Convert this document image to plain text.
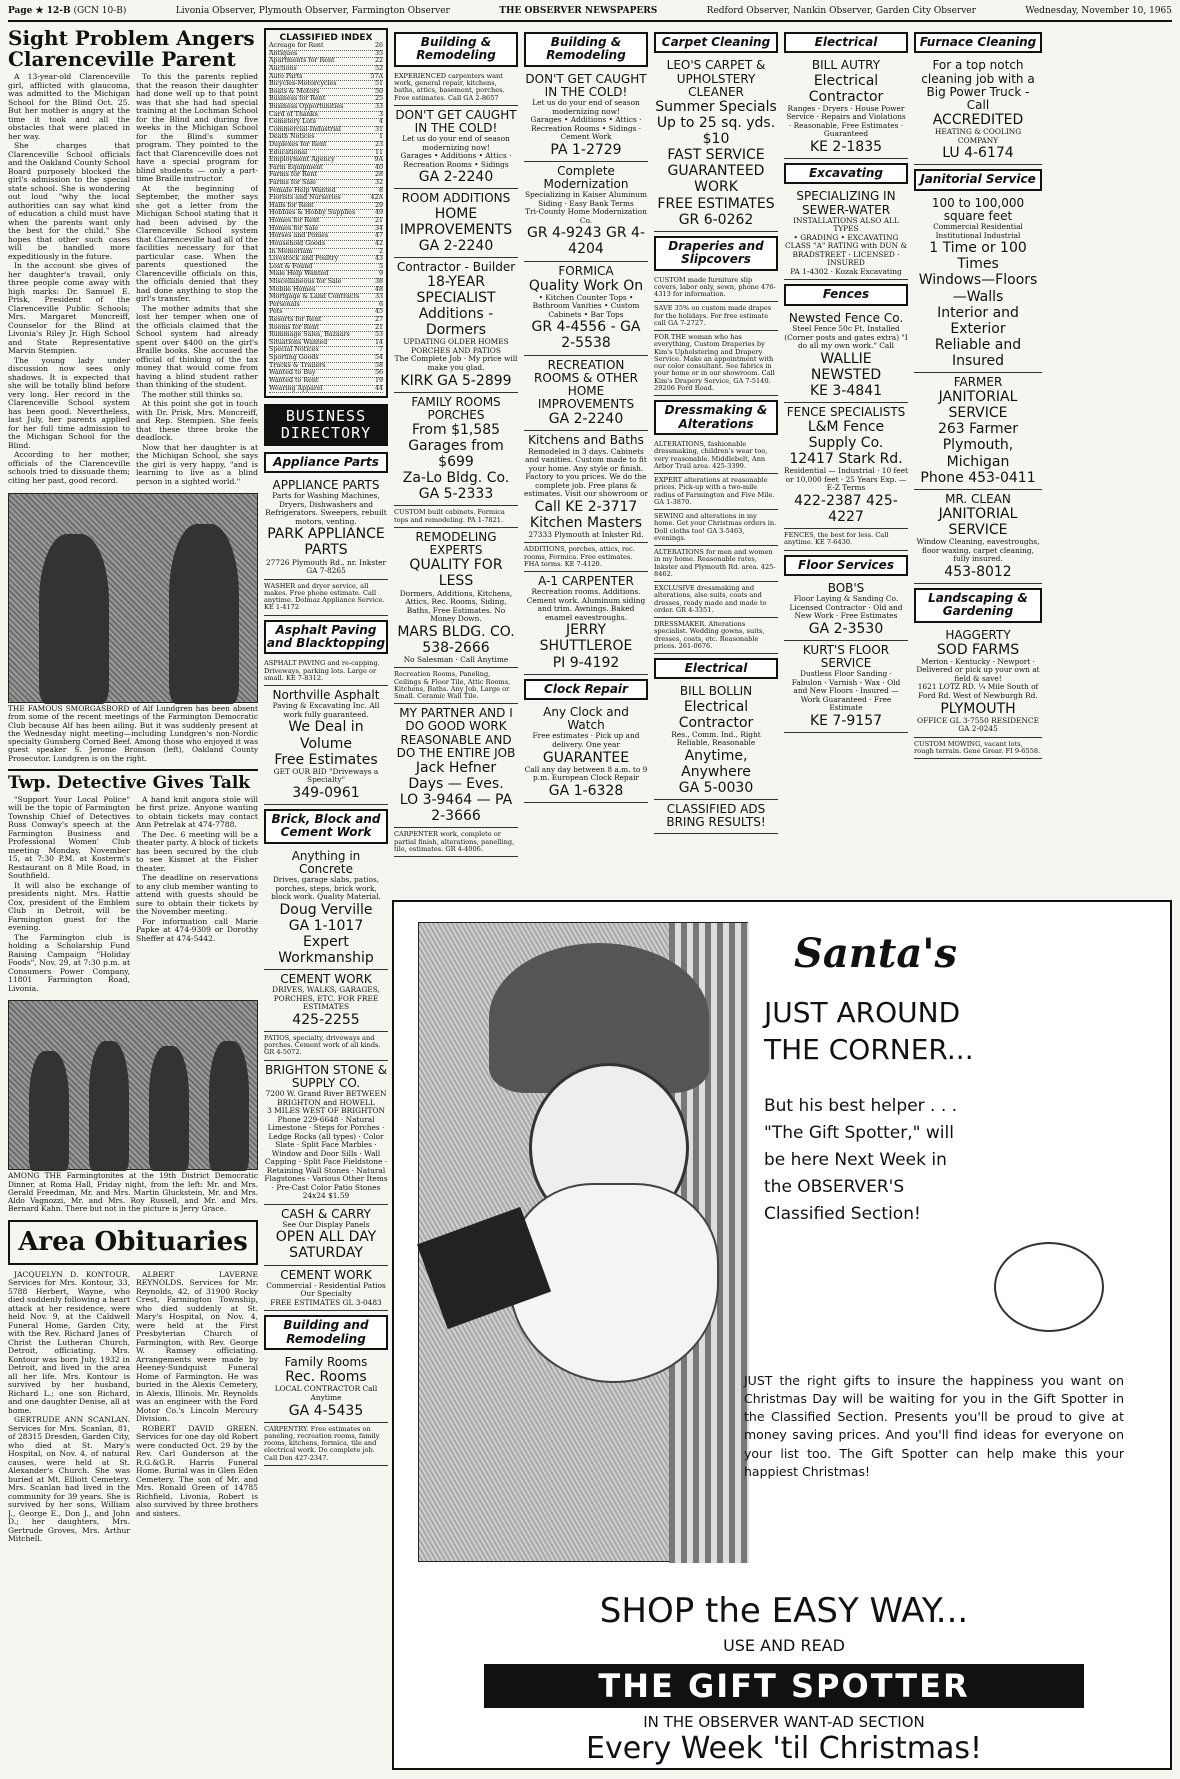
Page ★ 12-B (GCN 10-B)	Livonia Observer, Plymouth Observer, Farmington Observer	THE OBSERVER NEWSPAPERS	Redford Observer, Nankin Observer, Garden City Observer	Wednesday, November 10, 1965
Sight Problem Angers Clarenceville Parent

A 13-year-old Clarenceville girl, afflicted with glaucoma, was admitted to the Michigan School for the Blind Oct. 25. But her mother is angry at the time it took and all the obstacles that were placed in her way.

She charges that Clarenceville School officials and the Oakland County School Board purposely blocked the girl's admission to the special state school. She is wondering out loud "why the local authorities can say what kind of education a child must have when the parents want only the best for the child." She hopes that other such cases will be handled more expeditiously in the future.

In the account she gives of her daughter's travail, only three people come away with high marks: Dr. Samuel E. Prisk, President of the Clarenceville Public Schools; Mrs. Margaret Moncreiff, Counselor for the Blind at Livonia's Riley Jr. High School and State Representative Marvin Stempien.

The young lady under discussion now sees only shadows. It is expected that she will be totally blind before very long. Her record in the Clarenceville School system has been good. Nevertheless, last July, her parents applied for her full time admission to the Michigan School for the Blind.

According to her mother, officials of the Clarenceville schools tried to dissuade them; citing her past, good record.

To this the parents replied that the reason their daughter had done well up to that point was that she had had special training at the Lochman School for the Blind and during five weeks in the Michigan School for the Blind's summer program. They pointed to the fact that Clarenceville does not have a special program for blind students — only a part-time Braille instructor.

At the beginning of September, the mother says she got a letter from the Michigan School stating that it had been advised by the Clarenceville School system that Clarenceville had all of the facilities necessary for that particular case. When the parents questioned the Clarenceville officials on this, the officials denied that they had done anything to stop the girl's transfer.

The mother admits that she lost her temper when one of the officials claimed that the School system had already spent over $400 on the girl's Braille books. She accused the official of thinking of the tax money that would come from having a blind student rather than thinking of the student.

The mother still thinks so.

At this point she got in touch with Dr. Prisk, Mrs. Moncreiff, and Rep. Stempien. She feels that these three broke the deadlock.

Now that her daughter is at the Michigan School, she says the girl is very happy, "and is learning to live as a blind person in a sighted world."

THE FAMOUS SMORGASBORD of Alf Lundgren has been absent from some of the recent meetings of the Farmington Democratic Club because Alf has been ailing. But it was suddenly present at the Wednesday night meeting—including Lundgren's non-Nordic specialty Gunsberg Corned Beef. Among those who enjoyed it was guest speaker S. Jerome Bronson (left), Oakland County Prosecutor. Lundgren is on the right.
Twp. Detective Gives Talk

"Support Your Local Police" will be the topic of Farmington Township Chief of Detectives Russ Conway's speech at the Farmington Business and Professional Women' Club meeting Monday, November 15, at 7:30 P.M. at Kosterm's Restaurant on 8 Mile Road, in Southfield.

It will also be exchange of presidents night. Mrs. Hattie Cox, president of the Emblem Club in Detroit, will be Farmington guest for the evening.

The Farmington club is holding a Scholarship Fund Raising Campaign "Holiday Foods", Nov. 29, at 7:30 p.m. at Consumers Power Company, 11801 Farmington Road, Livonia.

A hand knit angora stole will be first prize. Anyone wanting to obtain tickets may contact Ann Petrelak at 474-7788.

The Dec. 6 meeting will be a theater party. A block of tickets has been secured by the club to see Kismet at the Fisher theater.

The deadline on reservations to any club member wanting to attend with guests should be sure to obtain their tickets by the November meeting.

For information call Marie Papke at 474-9309 or Dorothy Sheffer at 474-5442.

AMONG THE Farmingtonites at the 19th District Democratic Dinner, at Roma Hall, Friday night, from the left: Mr. and Mrs. Gerald Freedman, Mr. and Mrs. Martin Gluckstein, Mr. and Mrs. Aldo Vagnozzi, Mr. and Mrs. Roy Russell, and Mr. and Mrs. Bernard Kahn. There but not in the picture is Jerry Grace.
Area Obituaries

JACQUELYN D. KONTOUR. Services for Mrs. Kontour, 33, 5788 Herbert, Wayne, who died suddenly following a heart attack at her residence, were held Nov. 9, at the Caldwell Funeral Home, Garden City, with the Rev. Richard Janes of Christ the Lutheran Church, Detroit, officiating. Mrs. Kontour was born July, 1932 in Detroit, and lived in the area all her life. Mrs. Kontour is survived by her husband, Richard L.; one son Richard, and one daughter Denise, all at home.

GERTRUDE ANN SCANLAN. Services for Mrs. Scanlan, 81, of 28315 Dresden, Garden City, who died at St. Mary's Hospital, on Nov. 4, of natural causes, were held at St. Alexander's Church. She was buried at Mt. Elliott Cemetery. Mrs. Scanlan had lived in the community for 39 years. She is survived by her sons, William J., George E., Don J., and John D.; her daughters, Mrs. Gertrude Groves, Mrs. Arthur Mitchell.

ALBERT LAVERNE REYNOLDS. Services for Mr. Reynolds, 42, of 31900 Rocky Crest, Farmington Township, who died suddenly at St. Mary's Hospital, on Nov. 4, were held at the First Presbyterian Church of Farmington, with Rev. George W. Ramsey officiating. Arrangements were made by Heeney-Sundquist Funeral Home of Farmington. He was buried in the Alexis Cemetery, in Alexis, Illinois. Mr. Reynolds was an engineer with the Ford Motor Co.'s Lincoln Mercury Division.

ROBERT DAVID GREEN. Services for one day old Robert were conducted Oct. 29 by the Rev. Carl Gunderson at the R.G.&G.R. Harris Funeral Home. Burial was in Glen Eden Cemetery. The son of Mr. and Mrs. Ronald Green of 14785 Richfield, Livonia, Robert is also survived by three brothers and sisters.

CLASSIFIED INDEX
Acreage for Rent	26
Antiques	35
Apartments for Rent	22
Auctions	52
Auto Parts	57A
Bicycles-Motorcycles	51
Boats & Motors	50
Business for Rent	25
Business Opportunities	33
Card of Thanks	3
Cemetery Lots	4
Commercial-Industrial	31
Death Notices	1
Duplexes for Rent	23
Educational	11
Employment Agency	9A
Farm Equipment	40
Farms for Rent	28
Farms for Sale	32
Female Help Wanted	8
Florists and Nurseries	42A
Halls for Rent	29
Hobbies & Hobby Supplies	49
Homes for Rent	21
Homes for Sale	34
Horses and Ponies	47
Household Goods	42
In Memoriam	2
Livestock and Poultry	43
Lost & Found	5
Male Help Wanted	9
Miscellaneous for Sale	38
Mobile Homes	48
Mortgage & Land Contracts	33
Personals	6
Pets	45
Resorts for Rent	27
Rooms for Rent	21
Rummage Sales, Bazaars	53
Situations Wanted	14
Special Notices	7
Sporting Goods	54
Trucks & Trailers	58
Wanted to Buy	56
Wanted to Rent	19
Wearing Apparel	44
BUSINESS DIRECTORY
Appliance Parts
APPLIANCE PARTS
Parts for Washing Machines, Dryers, Dishwashers and Refrigerators. Sweepers, rebuilt motors, venting.
PARK APPLIANCE PARTS
27726 Plymouth Rd., nr. Inkster GA 7-8265
WASHER and dryer service, all makes. Free phone estimate. Call anytime. Dolmaz Appliance Service. KE 1-4172
Asphalt Paving and Blacktopping
ASPHALT PAVING and re-capping. Driveways, parking lots. Large or small. KE 7-8312.
Northville Asphalt
Paving & Excavating Inc. All work fully guaranteed.
We Deal in Volume
Free Estimates
GET OUR BID "Driveways a Specialty"
349-0961
Brick, Block and Cement Work
Anything in Concrete
Drives, garage slabs, patios, porches, steps, brick work, block work. Quality Material.
Doug Verville
GA 1-1017
Expert Workmanship
CEMENT WORK
DRIVES, WALKS, GARAGES, PORCHES, ETC. FOR FREE ESTIMATES
425-2255
PATIOS, specialty, driveways and porches. Cement work of all kinds. GR 4-5072.
BRIGHTON STONE & SUPPLY CO.
7200 W. Grand River BETWEEN BRIGHTON and HOWELL
3 MILES WEST OF BRIGHTON
Phone 229-6648 · Natural Limestone · Steps for Porches · Ledge Rocks (all types) · Color Slate · Split Face Marbles · Window and Door Sills · Wall Capping · Split Face Fieldstone · Retaining Wall Stones · Natural Flagstones · Various Other Items · Pre-Cast Color Patio Stones 24x24 $1.59
CASH & CARRY
See Our Display Panels
OPEN ALL DAY SATURDAY
CEMENT WORK
Commercial - Residential Patios Our Specialty
FREE ESTIMATES GL 3-0483
Building and Remodeling
Family Rooms
Rec. Rooms
LOCAL CONTRACTOR Call Anytime
GA 4-5435
CARPENTRY. Free estimates on paneling, recreation rooms, family rooms, kitchens, formica, tile and electrical work. Do complete job. Call Don 427-2347.
Building & Remodeling
EXPERIENCED carpenters want work, general repair, kitchens, baths, attics, basement, porches. Free estimates. Call GA 2-8657
DON'T GET CAUGHT IN THE COLD!
Let us do your end of season modernizing now!
Garages • Additions • Attics · Recreation Rooms • Sidings
GA 2-2240
ROOM ADDITIONS
HOME IMPROVEMENTS
GA 2-2240
Contractor - Builder
18-YEAR SPECIALIST
Additions - Dormers
UPDATING OLDER HOMES PORCHES AND PATIOS
The Complete Job · My price will make you glad.
KIRK GA 5-2899
FAMILY ROOMS PORCHES
From $1,585
Garages from $699
Za-Lo Bldg. Co.
GA 5-2333
CUSTOM built cabinets. Formica tops and remodeling. PA 1-7821.
REMODELING EXPERTS
QUALITY FOR LESS
Dormers, Additions, Kitchens, Attics, Rec. Rooms, Siding, Baths, Free Estimates. No Money Down.
MARS BLDG. CO.
538-2666
No Salesman · Call Anytime
Recreation Rooms, Paneling, Ceilings & Floor Tile, Attic Rooms, Kitchens, Baths. Any Job, Large or Small. Ceramic Wall Tile.
MY PARTNER AND I DO GOOD WORK REASONABLE AND DO THE ENTIRE JOB
Jack Hefner
Days — Eves.
LO 3-9464 — PA 2-3666
CARPENTER work, complete or partial finish, alterations, panelling, tile, estimates. GR 4-4006.
Building & Remodeling
DON'T GET CAUGHT IN THE COLD!
Let us do your end of season modernizing now!
Garages • Additions • Attics · Recreation Rooms • Sidings · Cement Work
PA 1-2729
Complete Modernization
Specializing in Kaiser Aluminum Siding · Easy Bank Terms
Tri-County Home Modernization Co.
GR 4-9243 GR 4-4204
FORMICA
Quality Work On
• Kitchen Counter Tops • Bathroom Vanities • Custom Cabinets • Bar Tops
GR 4-4556 - GA 2-5538
RECREATION ROOMS & OTHER HOME IMPROVEMENTS
GA 2-2240
Kitchens and Baths
Remodeled in 3 days. Cabinets and vanities. Custom made to fit your home. Any style or finish. Factory to you prices. We do the complete job. Free plans & estimates. Visit our showroom or
Call KE 2-3717
Kitchen Masters
27333 Plymouth at Inkster Rd.
ADDITIONS, porches, attics, rec. rooms, Formica. Free estimates. FHA terms. KE 7-4120.
A-1 CARPENTER
Recreation rooms. Additions. Cement work. Aluminum siding and trim. Awnings. Baked enamel eavestroughs.
JERRY SHUTTLEROE
PI 9-4192
Clock Repair
Any Clock and Watch
Free estimates · Pick up and delivery. One year
GUARANTEE
Call any day between 8 a.m. to 9 p.m. European Clock Repair
GA 1-6328
Carpet Cleaning
LEO'S CARPET & UPHOLSTERY CLEANER
Summer Specials
Up to 25 sq. yds. $10
FAST SERVICE
GUARANTEED WORK
FREE ESTIMATES
GR 6-0262
Draperies and Slipcovers
CUSTOM made furniture slip covers, labor only, sewn, phone 476-4313 for information.
SAVE 35% on custom made drapes for the holidays. For free estimate call GA 7-2727.
FOR THE woman who has everything, Custom Draperies by Kim's Upholstering and Drapery Service. Make an appointment with our color consultant. See fabrics in your home or in our showroom. Call Kim's Drapery Service, GA 7-5140. 29206 Ford Road.
Dressmaking & Alterations
ALTERATIONS, fashionable dressmaking, children's wear too, very reasonable. Middlebelt, Ann Arbor Trail area. 425-3399.
EXPERT alterations at reasonable prices. Pick-up with a two-mile radius of Farmington and Five Mile. GA 1-3870.
SEWING and alterations in my home. Get your Christmas orders in. Doll cloths too! GA 3-5463, evenings.
ALTERATIONS for men and women in my home. Reasonable rates, Inkster and Plymouth Rd. area. 425-8462.
EXCLUSIVE dressmaking and alterations, also suits, coats and dresses, ready made and made to order. GR 4-3351.
DRESSMAKER. Alterations specialist. Wedding gowns, suits, dresses, coats, etc. Reasonable prices. 261-0676.
Electrical
BILL BOLLIN
Electrical Contractor
Res., Comm. Ind., Right Reliable, Reasonable
Anytime, Anywhere
GA 5-0030
CLASSIFIED ADS BRING RESULTS!
Electrical
BILL AUTRY
Electrical Contractor
Ranges - Dryers · House Power Service · Repairs and Violations · Reasonable, Free Estimates · Guaranteed
KE 2-1835
Excavating
SPECIALIZING IN SEWER-WATER
INSTALLATIONS ALSO ALL TYPES
• GRADING • EXCAVATING
CLASS "A" RATING with DUN & BRADSTREET · LICENSED · INSURED
PA 1-4302 · Kozak Excavating
Fences
Newsted Fence Co.
Steel Fence 50c Ft. Installed (Corner posts and gates extra) "I do all my own work." Call
WALLIE NEWSTED
KE 3-4841
FENCE SPECIALISTS
L&M Fence Supply Co.
12417 Stark Rd.
Residential — Industrial · 10 feet or 10,000 feet · 25 Years Exp. — E-Z Terms
422-2387 425-4227
FENCES, the best for less. Call anytime. KE 7-6430.
Floor Services
BOB'S
Floor Laying & Sanding Co. Licensed Contractor · Old and New Work · Free Estimates
GA 2-3530
KURT'S FLOOR SERVICE
Dustless Floor Sanding · Fabulon - Varnish - Wax · Old and New Floors · Insured — Work Guaranteed · Free Estimate
KE 7-9157
Furnace Cleaning
For a top notch cleaning job with a Big Power Truck - Call
ACCREDITED
HEATING & COOLING COMPANY
LU 4-6174
Janitorial Service
100 to 100,000 square feet
Commercial Residential
Institutional Industrial
1 Time or 100 Times
Windows—Floors—Walls
Interior and Exterior
Reliable and Insured
FARMER
JANITORIAL SERVICE
263 Farmer
Plymouth, Michigan
Phone 453-0411
MR. CLEAN
JANITORIAL SERVICE
Window Cleaning, eavestroughs, floor waxing, carpet cleaning, fully insured.
453-8012
Landscaping & Gardening
HAGGERTY
SOD FARMS
Merion - Kentucky - Newport · Delivered or pick up your own at field & save!
1621 LOTZ RD. ¼ Mile South of Ford Rd. West of Newburgh Rd.
PLYMOUTH
OFFICE GL 3-7550 RESIDENCE GA 2-0245
CUSTOM MOWING, vacant lots, rough terrain. Gene Grear. FI 9-6558.
Santa's
JUST AROUND
THE CORNER...
But his best helper . . .
"The Gift Spotter," will
be here Next Week in
the OBSERVER'S
Classified Section!
JUST the right gifts to insure the happiness you want on Christmas Day will be waiting for you in the Gift Spotter in the Classified Section. Presents you'll be proud to give at money saving prices. And you'll find ideas for everyone on your list too. The Gift Spotter can help make this your happiest Christmas!
SHOP the EASY WAY...
USE AND READ
THE GIFT SPOTTER
IN THE OBSERVER WANT-AD SECTION
Every Week 'til Christmas!
